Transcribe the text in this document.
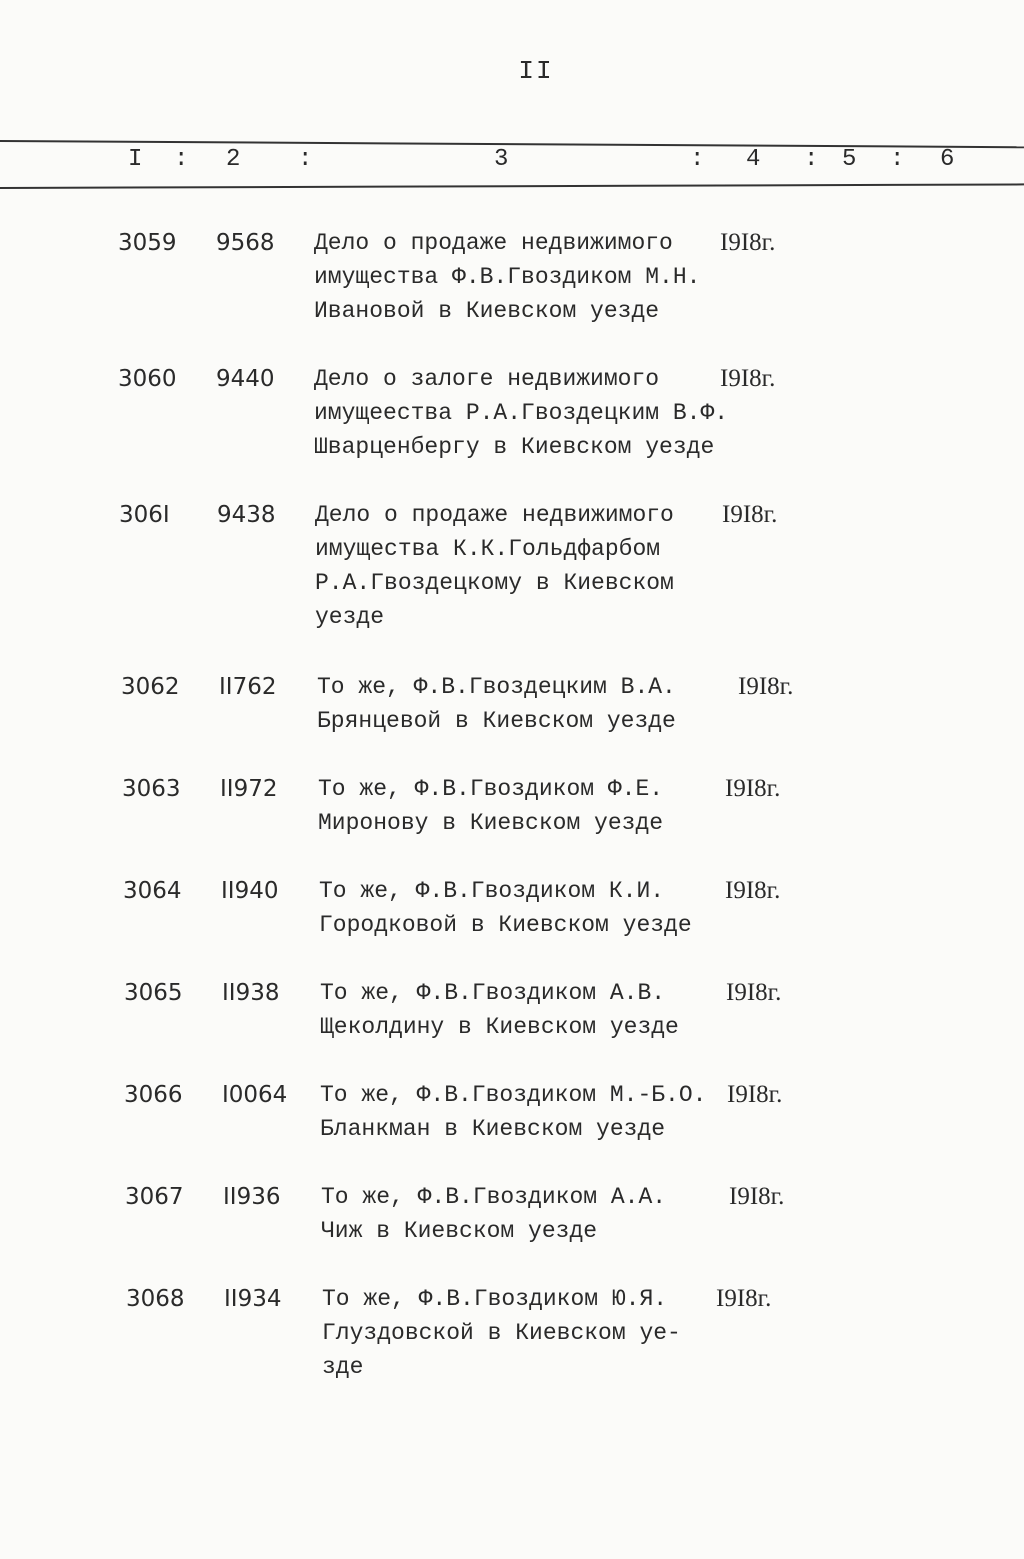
II
I : 2 :	3	: 4 : 5 : 6
3059 9568 Дело о продаже недвижимого
имущества Ф.В.Гвоздиком М.Н.
Ивановой в Киевском уезде
I9I8г.
3060 9440 Дело о залоге недвижимого
имущеества Р.А.Гвоздецким В.Ф.
Шварценбергу в Киевском уезде
I9I8г.
306I 9438 Дело о продаже недвижимого
имущества К.К.Гольдфарбом
Р.А.Гвоздецкому в Киевском
уезде
I9I8г.
3062 II762 То же, Ф.В.Гвоздецким В.А.
Брянцевой в Киевском уезде
I9I8г.
3063 II972 То же, Ф.В.Гвоздиком Ф.Е.
Миронову в Киевском уезде
I9I8г.
3064 II940 То же, Ф.В.Гвоздиком К.И.
Городковой в Киевском уезде
I9I8г.
3065 II938 То же, Ф.В.Гвоздиком А.В.
Щеколдину в Киевском уезде
I9I8г.
3066 I0064 То же, Ф.В.Гвоздиком М.-Б.О.
Бланкман в Киевском уезде
I9I8г.
3067 II936 То же, Ф.В.Гвоздиком А.А.
Чиж в Киевском уезде
I9I8г.
3068 II934 То же, Ф.В.Гвоздиком Ю.Я.
Глуздовской в Киевском уе-
зде
I9I8г.
